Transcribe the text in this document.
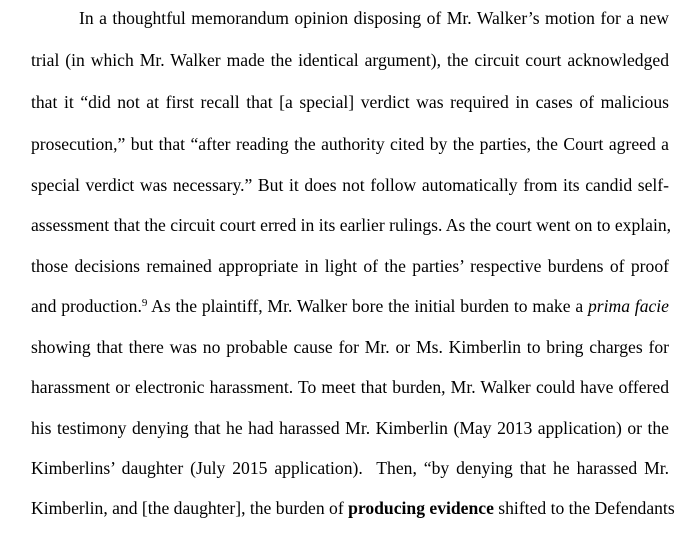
In a thoughtful memorandum opinion disposing of Mr. Walker’s motion for a new
trial (in which Mr. Walker made the identical argument), the circuit court acknowledged
that it “did not at first recall that [a special] verdict was required in cases of malicious
prosecution,” but that “after reading the authority cited by the parties, the Court agreed a
special verdict was necessary.” But it does not follow automatically from its candid self-
assessment that the circuit court erred in its earlier rulings. As the court went on to explain,
those decisions remained appropriate in light of the parties’ respective burdens of proof
and production.$^9$ As the plaintiff, Mr. Walker bore the initial burden to make a prima facie
showing that there was no probable cause for Mr. or Ms. Kimberlin to bring charges for
harassment or electronic harassment. To meet that burden, Mr. Walker could have offered
his testimony denying that he had harassed Mr. Kimberlin (May 2013 application) or the
Kimberlins’ daughter (July 2015 application).  Then, “by denying that he harassed Mr.
Kimberlin, and [the daughter], the burden of producing evidence shifted to the Defendants
